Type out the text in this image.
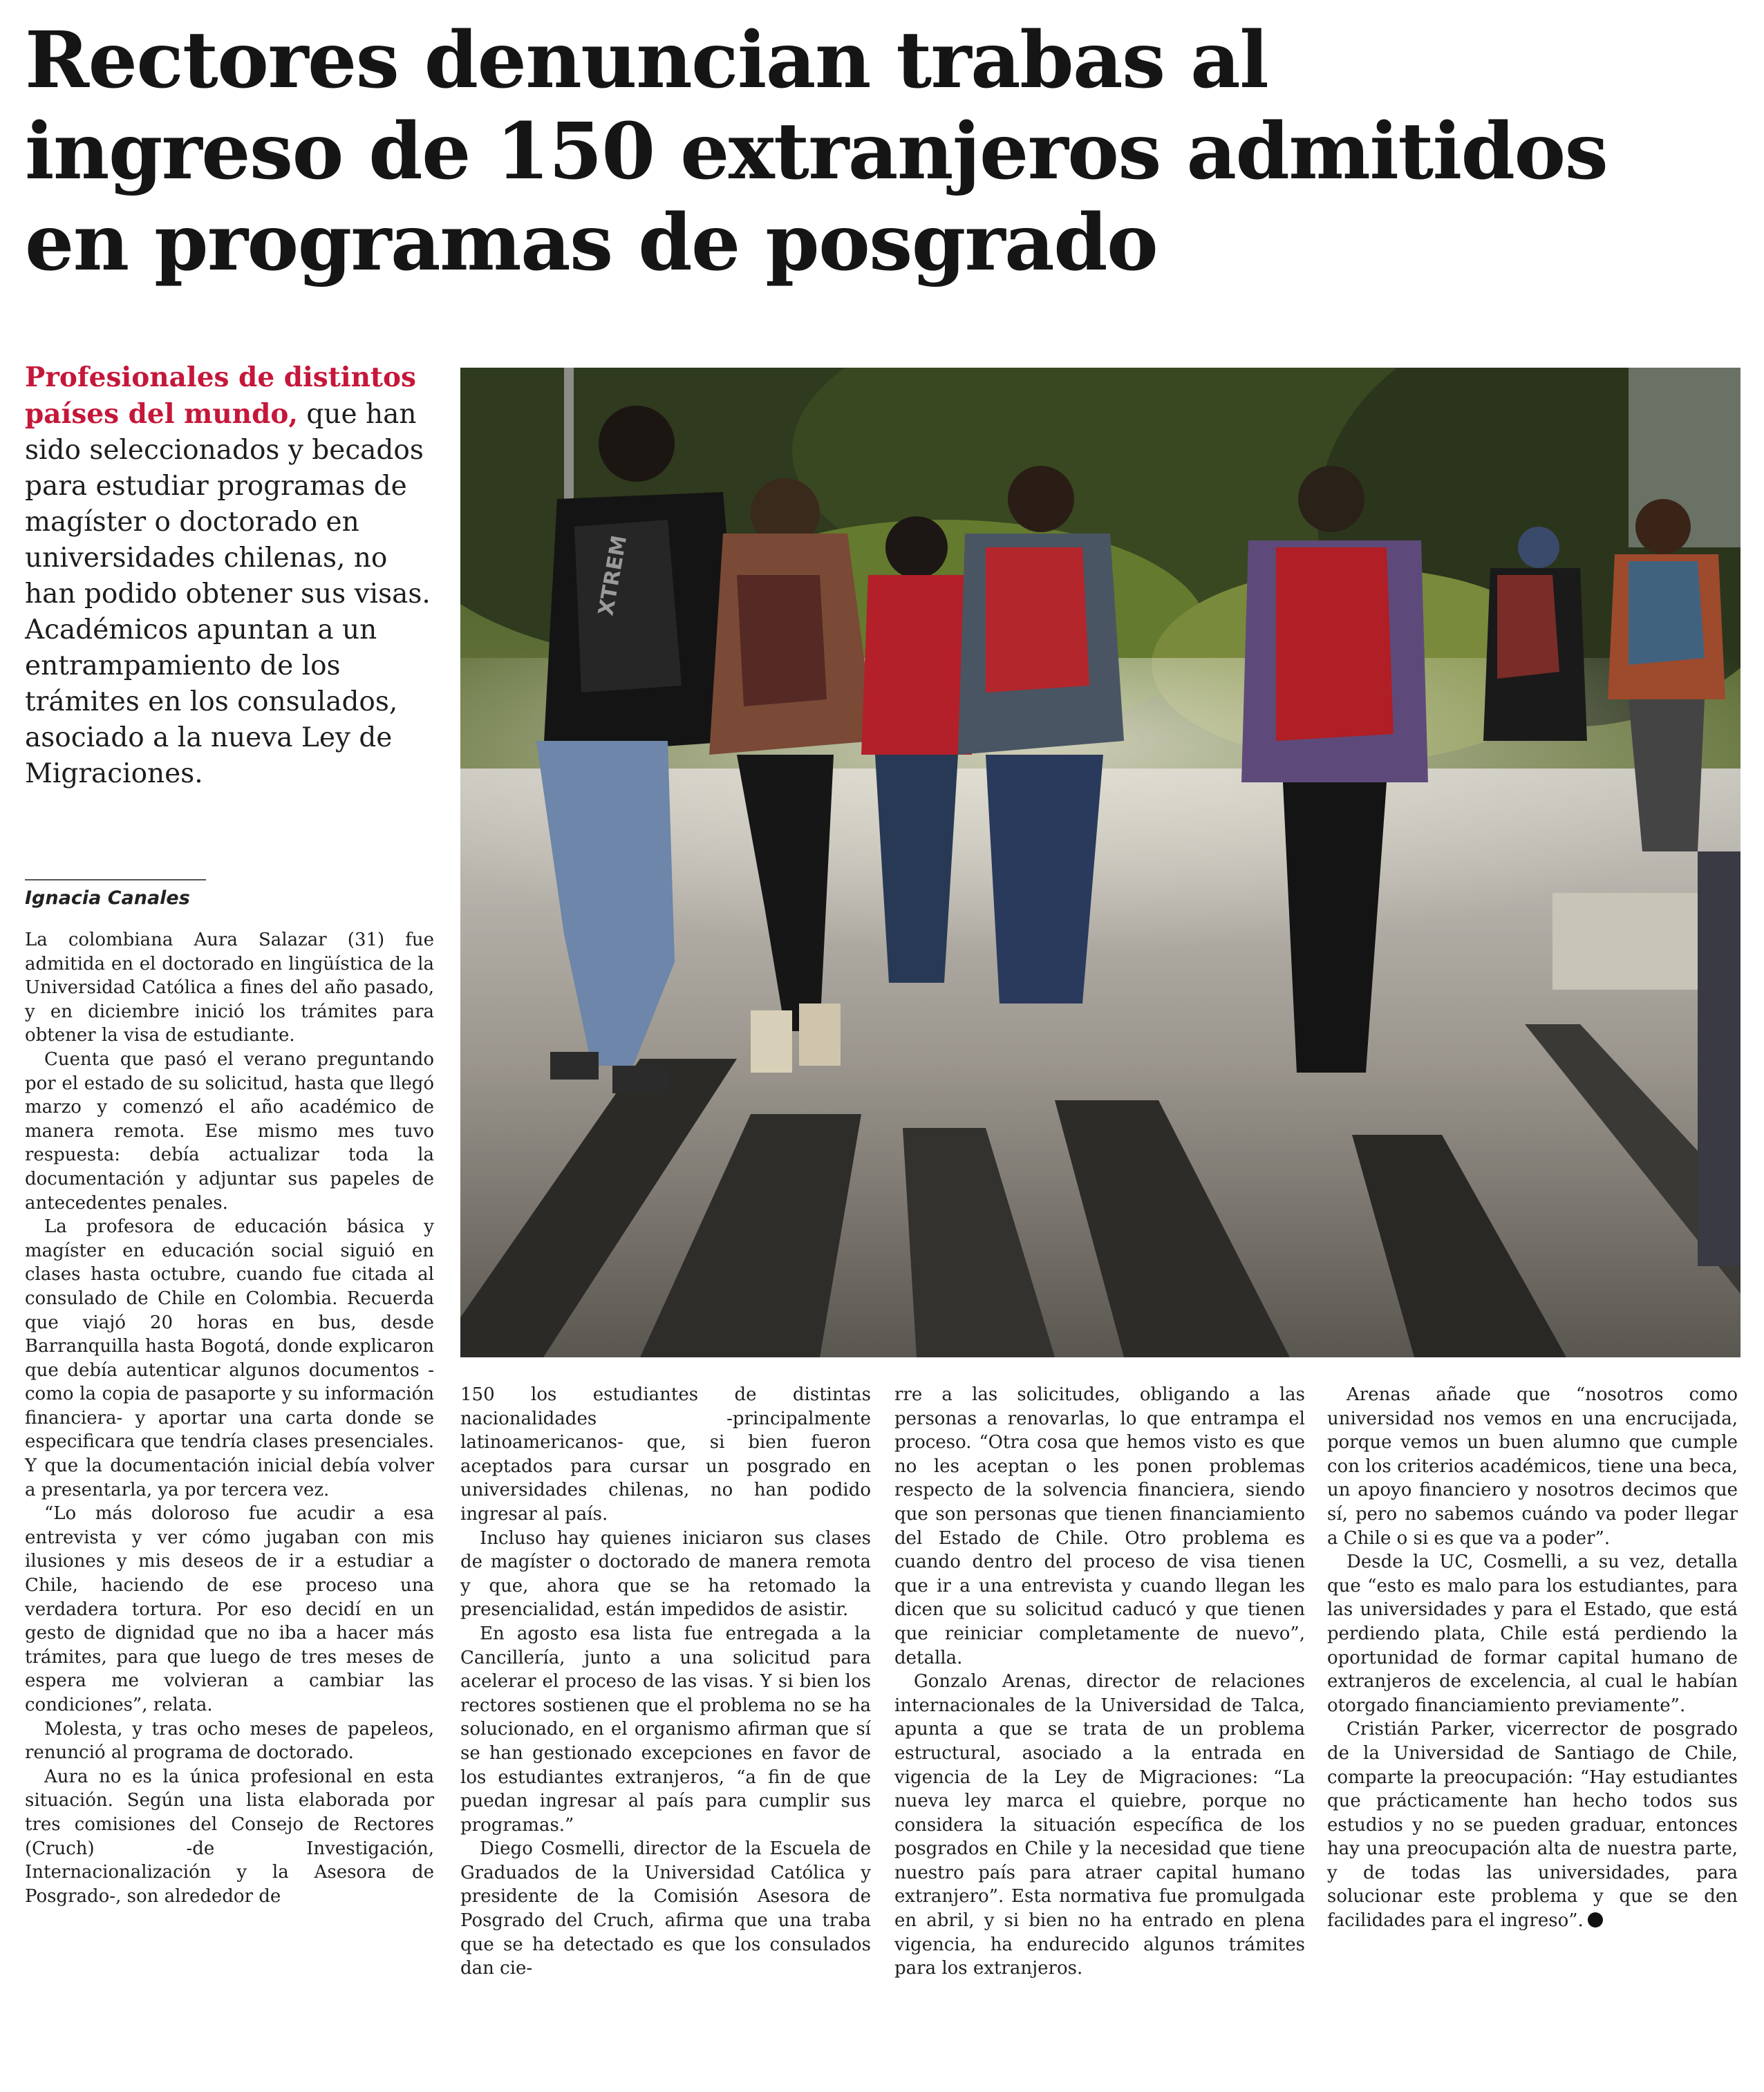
Rectores denuncian trabas al
ingreso de 150 extranjeros admitidos
en programas de posgrado

Profesionales de distintos países del mundo, que han sido seleccionados y becados para estudiar programas de magíster o doctorado en universidades chilenas, no han podido obtener sus visas. Académicos apuntan a un entrampamiento de los trámites en los consulados, asociado a la nueva Ley de Migraciones.

Ignacia Canales

XTREM

La colombiana Aura Salazar (31) fue admitida en el doctorado en lingüística de la Universidad Católica a fines del año pasado, y en diciembre inició los trámites para obtener la visa de estudiante.

Cuenta que pasó el verano preguntando por el estado de su solicitud, hasta que llegó marzo y comenzó el año académico de manera remota. Ese mismo mes tuvo respuesta: debía actualizar toda la documentación y adjuntar sus papeles de antecedentes penales.

La profesora de educación básica y magíster en educación social siguió en clases hasta octubre, cuando fue citada al consulado de Chile en Colombia. Recuerda que viajó 20 horas en bus, desde Barranquilla hasta Bogotá, donde explicaron que debía autenticar algunos documentos -como la copia de pasaporte y su información financiera- y aportar una carta donde se especificara que tendría clases presenciales. Y que la documentación inicial debía volver a presentarla, ya por tercera vez.

“Lo más doloroso fue acudir a esa entrevista y ver cómo jugaban con mis ilusiones y mis deseos de ir a estudiar a Chile, haciendo de ese proceso una verdadera tortura. Por eso decidí en un gesto de dignidad que no iba a hacer más trámites, para que luego de tres meses de espera me volvieran a cambiar las condiciones”, relata.

Molesta, y tras ocho meses de papeleos, renunció al programa de doctorado.

Aura no es la única profesional en esta situación. Según una lista elaborada por tres comisiones del Consejo de Rectores (Cruch) -de Investigación, Internacionalización y la Asesora de Posgrado-, son alrededor de

150 los estudiantes de distintas nacionalidades -principalmente latinoamericanos- que, si bien fueron aceptados para cursar un posgrado en universidades chilenas, no han podido ingresar al país.

Incluso hay quienes iniciaron sus clases de magíster o doctorado de manera remota y que, ahora que se ha retomado la presencialidad, están impedidos de asistir.

En agosto esa lista fue entregada a la Cancillería, junto a una solicitud para acelerar el proceso de las visas. Y si bien los rectores sostienen que el problema no se ha solucionado, en el organismo afirman que sí se han gestionado excepciones en favor de los estudiantes extranjeros, “a fin de que puedan ingresar al país para cumplir sus programas.”

Diego Cosmelli, director de la Escuela de Graduados de la Universidad Católica y presidente de la Comisión Asesora de Posgrado del Cruch, afirma que una traba que se ha detectado es que los consulados dan cie-

rre a las solicitudes, obligando a las personas a renovarlas, lo que entrampa el proceso. “Otra cosa que hemos visto es que no les aceptan o les ponen problemas respecto de la solvencia financiera, siendo que son personas que tienen financiamiento del Estado de Chile. Otro problema es cuando dentro del proceso de visa tienen que ir a una entrevista y cuando llegan les dicen que su solicitud caducó y que tienen que reiniciar completamente de nuevo”, detalla.

Gonzalo Arenas, director de relaciones internacionales de la Universidad de Talca, apunta a que se trata de un problema estructural, asociado a la entrada en vigencia de la Ley de Migraciones: “La nueva ley marca el quiebre, porque no considera la situación específica de los posgrados en Chile y la necesidad que tiene nuestro país para atraer capital humano extranjero”. Esta normativa fue promulgada en abril, y si bien no ha entrado en plena vigencia, ha endurecido algunos trámites para los extranjeros.

Arenas añade que “nosotros como universidad nos vemos en una encrucijada, porque vemos un buen alumno que cumple con los criterios académicos, tiene una beca, un apoyo financiero y nosotros decimos que sí, pero no sabemos cuándo va poder llegar a Chile o si es que va a poder”.

Desde la UC, Cosmelli, a su vez, detalla que “esto es malo para los estudiantes, para las universidades y para el Estado, que está perdiendo plata, Chile está perdiendo la oportunidad de formar capital humano de extranjeros de excelencia, al cual le habían otorgado financiamiento previamente”.

Cristián Parker, vicerrector de posgrado de la Universidad de Santiago de Chile, comparte la preocupación: “Hay estudiantes que prácticamente han hecho todos sus estudios y no se pueden graduar, entonces hay una preocupación alta de nuestra parte, y de todas las universidades, para solucionar este problema y que se den facilidades para el ingreso”.
